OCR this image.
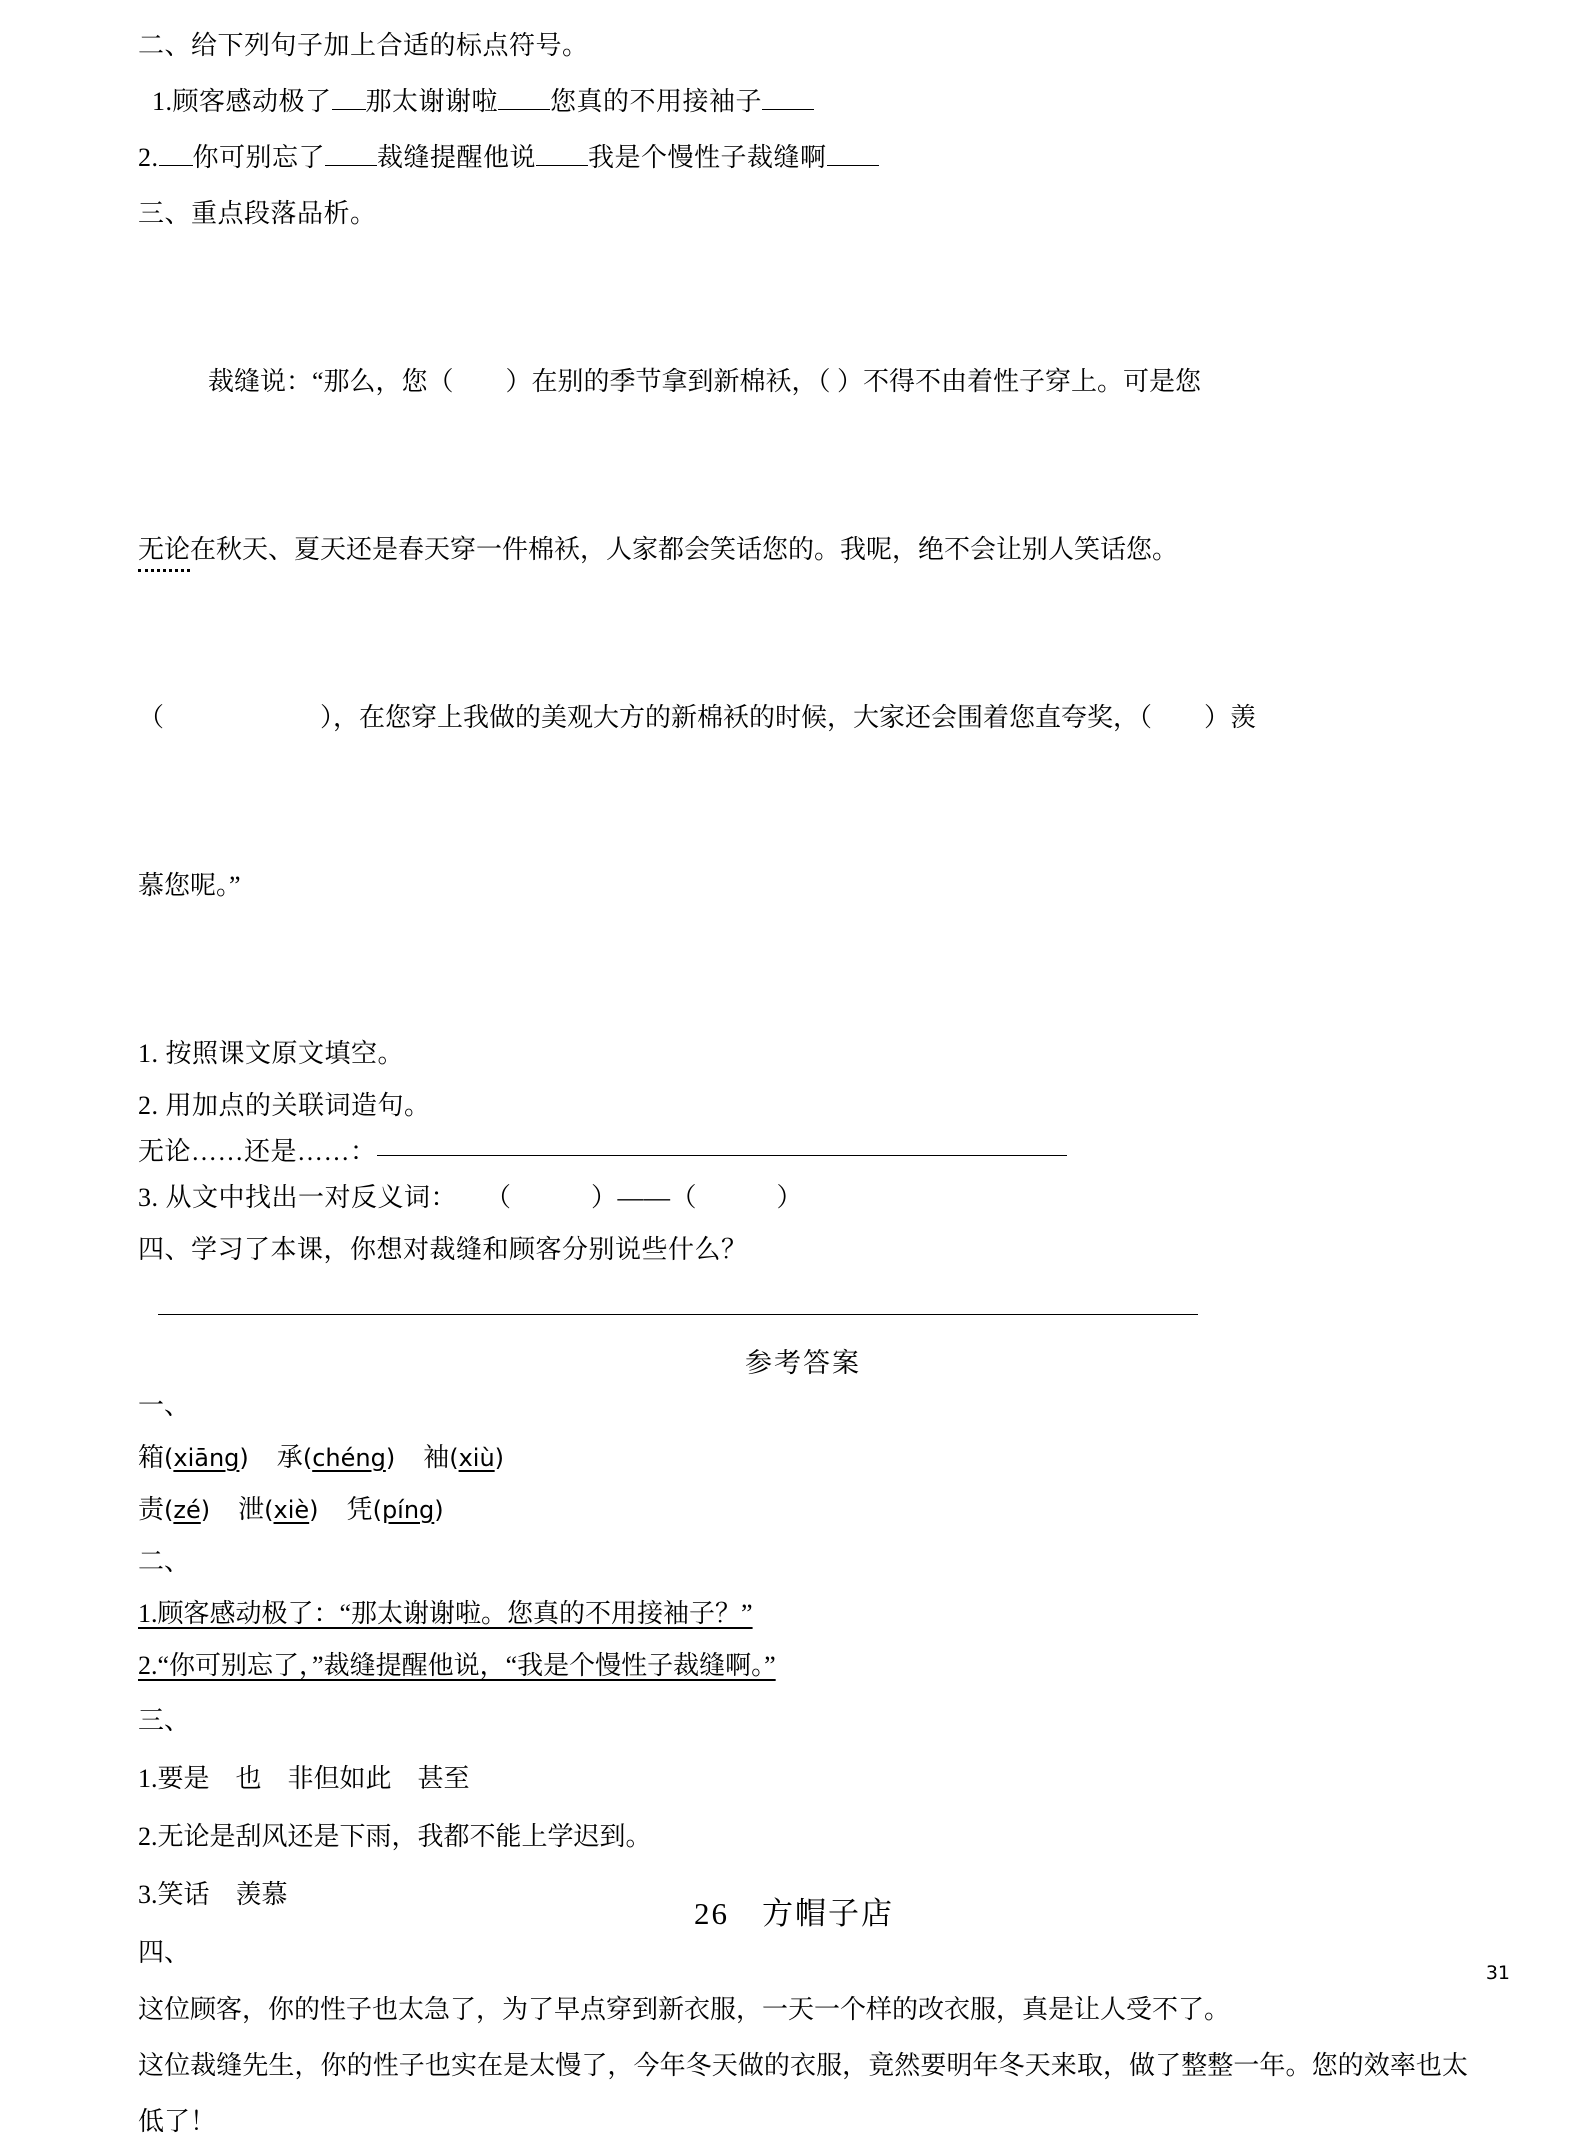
二、给下列句子加上合适的标点符号。
1.顾客感动极了 那太谢谢啦 您真的不用接袖子
2. 你可别忘了 裁缝提醒他说 我是个慢性子裁缝啊
三、重点段落品析。

裁缝说：“那么，您（　　）在别的季节拿到新棉袄，（ ）不得不由着性子穿上。可是您

无论在秋天、夏天还是春天穿一件棉袄，人家都会笑话您的。我呢，绝不会让别人笑话您。

（　　　　　　），在您穿上我做的美观大方的新棉袄的时候，大家还会围着您直夸奖，（　　）羡

慕您呢。”

1. 按照课文原文填空。
2. 用加点的关联词造句。
无论……还是……：
3. 从文中找出一对反义词： （　　　）——（　　　）
四、学习了本课，你想对裁缝和顾客分别说些什么？
参考答案
一、
箱(xiāng) 承(chéng) 袖(xiù)
责(zé) 泄(xiè) 凭(píng)
二、
1.顾客感动极了：“那太谢谢啦。您真的不用接袖子？”
2.“你可别忘了，”裁缝提醒他说，“我是个慢性子裁缝啊。”
三、
1.要是　也　非但如此　甚至
2.无论是刮风还是下雨，我都不能上学迟到。
3.笑话　羡慕
四、
这位顾客，你的性子也太急了，为了早点穿到新衣服，一天一个样的改衣服，真是让人受不了。
这位裁缝先生，你的性子也实在是太慢了，今年冬天做的衣服，竟然要明年冬天来取，做了整整一年。您的效率也太低了！
26　方帽子店
31
